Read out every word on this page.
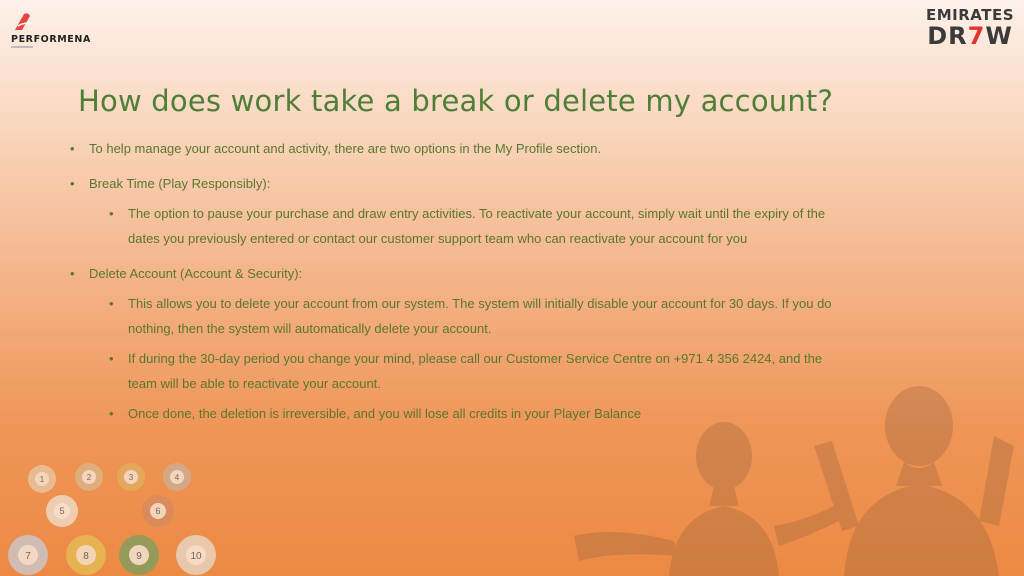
PERFORMENA
EMIRATES
DR7W
How does work take a break or delete my account?
• To help manage your account and activity, there are two options in the My Profile section.
• Break Time (Play Responsibly):
• The option to pause your purchase and draw entry activities. To reactivate your account, simply wait until the expiry of the dates you previously entered or contact our customer support team who can reactivate your account for you
• Delete Account (Account & Security):
• This allows you to delete your account from our system. The system will initially disable your account for 30 days. If you do nothing, then the system will automatically delete your account.
• If during the 30-day period you change your mind, please call our Customer Service Centre on +971 4 356 2424, and the team will be able to reactivate your account.
• Once done, the deletion is irreversible, and you will lose all credits in your Player Balance
1	2	3	4
5	6
7	8	9	10
